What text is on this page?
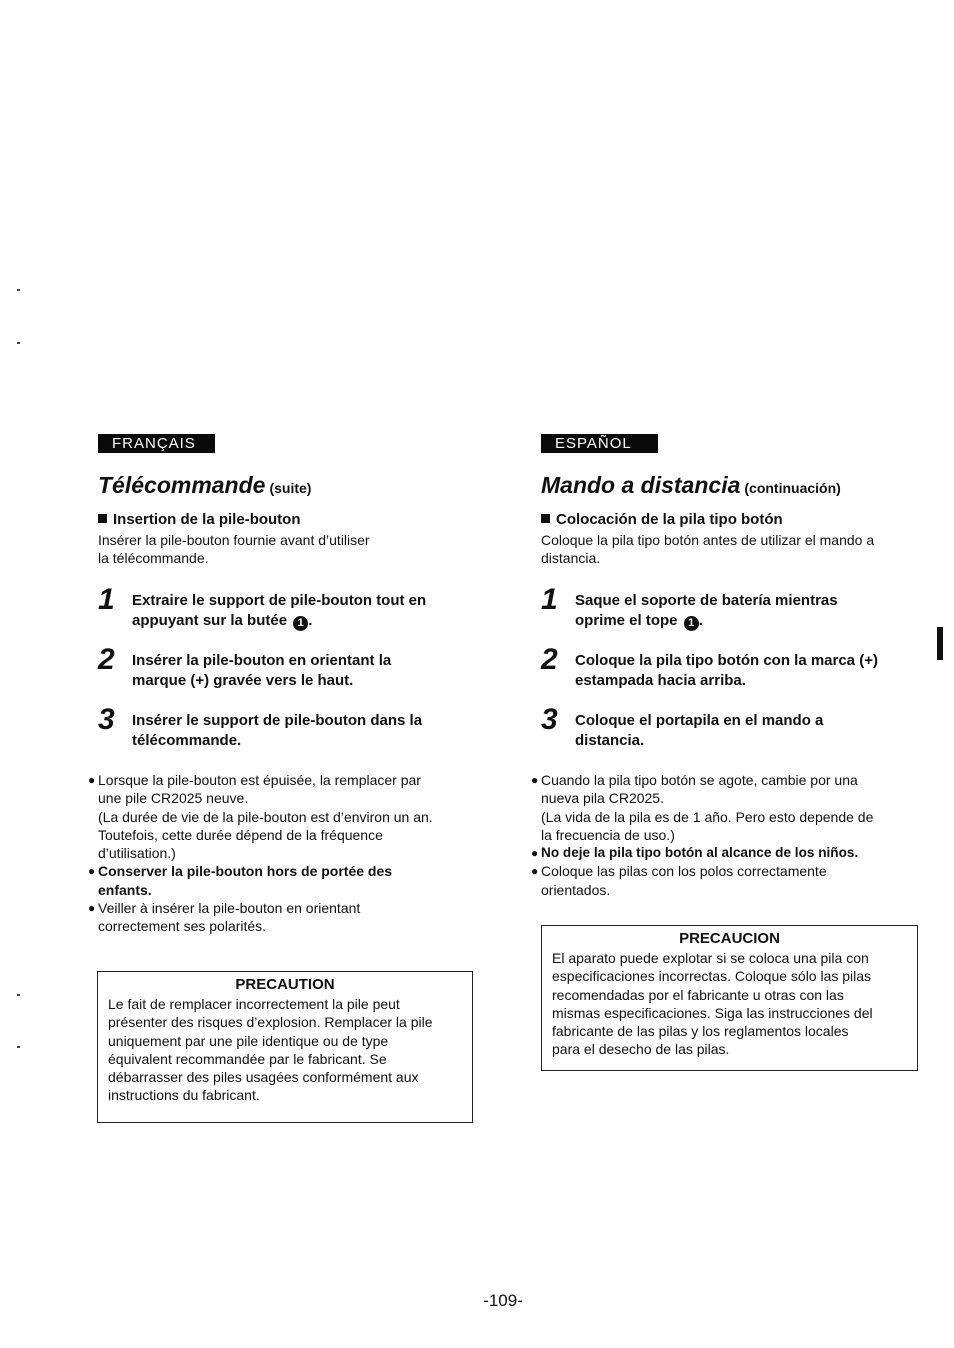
FRANÇAIS
Télécommande (suite)
Insertion de la pile-bouton
Insérer la pile-bouton fournie avant d’utiliser
la télécommande.
1	Extraire le support de pile-bouton tout en
appuyant sur la butée 1 .
2	Insérer la pile-bouton en orientant la
marque (+) gravée vers le haut.
3	Insérer le support de pile-bouton dans la
télécommande.
● Lorsque la pile-bouton est épuisée, la remplacer par
une pile CR2025 neuve.
(La durée de vie de la pile-bouton est d’environ un an.
Toutefois, cette durée dépend de la fréquence
d’utilisation.)
● Conserver la pile-bouton hors de portée des
enfants.
● Veiller à insérer la pile-bouton en orientant
correctement ses polarités.
PRECAUTION
Le fait de remplacer incorrectement la pile peut
présenter des risques d’explosion. Remplacer la pile
uniquement par une pile identique ou de type
équivalent recommandée par le fabricant. Se
débarrasser des piles usagées conformément aux
instructions du fabricant.
ESPAÑOL
Mando a distancia (continuación)
Colocación de la pila tipo botón
Coloque la pila tipo botón antes de utilizar el mando a
distancia.
1	Saque el soporte de batería mientras
oprime el tope 1 .
2	Coloque la pila tipo botón con la marca (+)
estampada hacia arriba.
3	Coloque el portapila en el mando a
distancia.
● Cuando la pila tipo botón se agote, cambie por una
nueva pila CR2025.
(La vida de la pila es de 1 año. Pero esto depende de
la frecuencia de uso.)
● No deje la pila tipo botón al alcance de los niños.
● Coloque las pilas con los polos correctamente
orientados.
PRECAUCION
El aparato puede explotar si se coloca una pila con
especificaciones incorrectas. Coloque sólo las pilas
recomendadas por el fabricante u otras con las
mismas especificaciones. Siga las instrucciones del
fabricante de las pilas y los reglamentos locales
para el desecho de las pilas.
-109-
